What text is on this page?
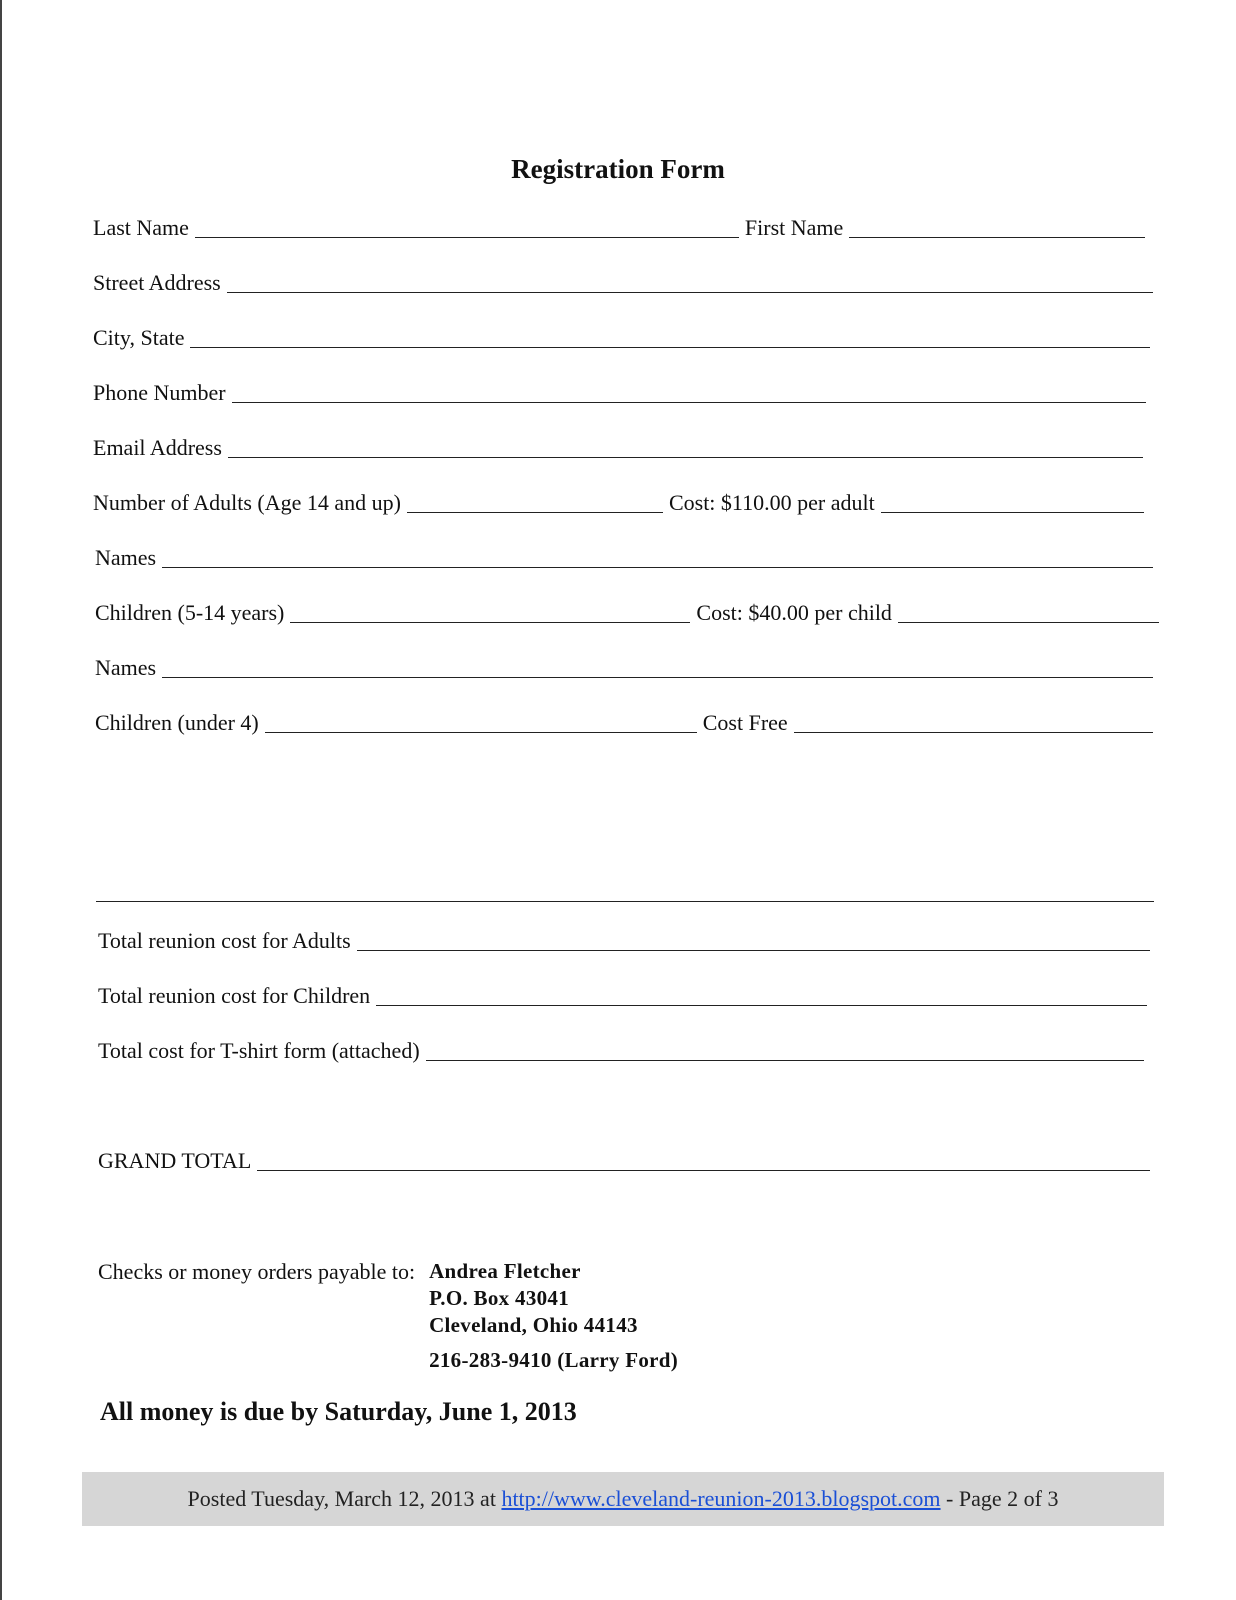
Registration Form
Last Name	First Name
Street Address
City, State
Phone Number
Email Address
Number of Adults (Age 14 and up)	Cost: $110.00 per adult
Names
Children (5-14 years)	Cost: $40.00 per child
Names
Children (under 4)	Cost Free
Total reunion cost for Adults
Total reunion cost for Children
Total cost for T-shirt form (attached)
GRAND TOTAL
Checks or money orders payable to: Andrea Fletcher
P.O. Box 43041
Cleveland, Ohio 44143
216-283-9410 (Larry Ford)
All money is due by Saturday, June 1, 2013
Posted Tuesday, March 12, 2013 at
http://www.cleveland-reunion-2013.blogspot.com
- Page 2 of 3
